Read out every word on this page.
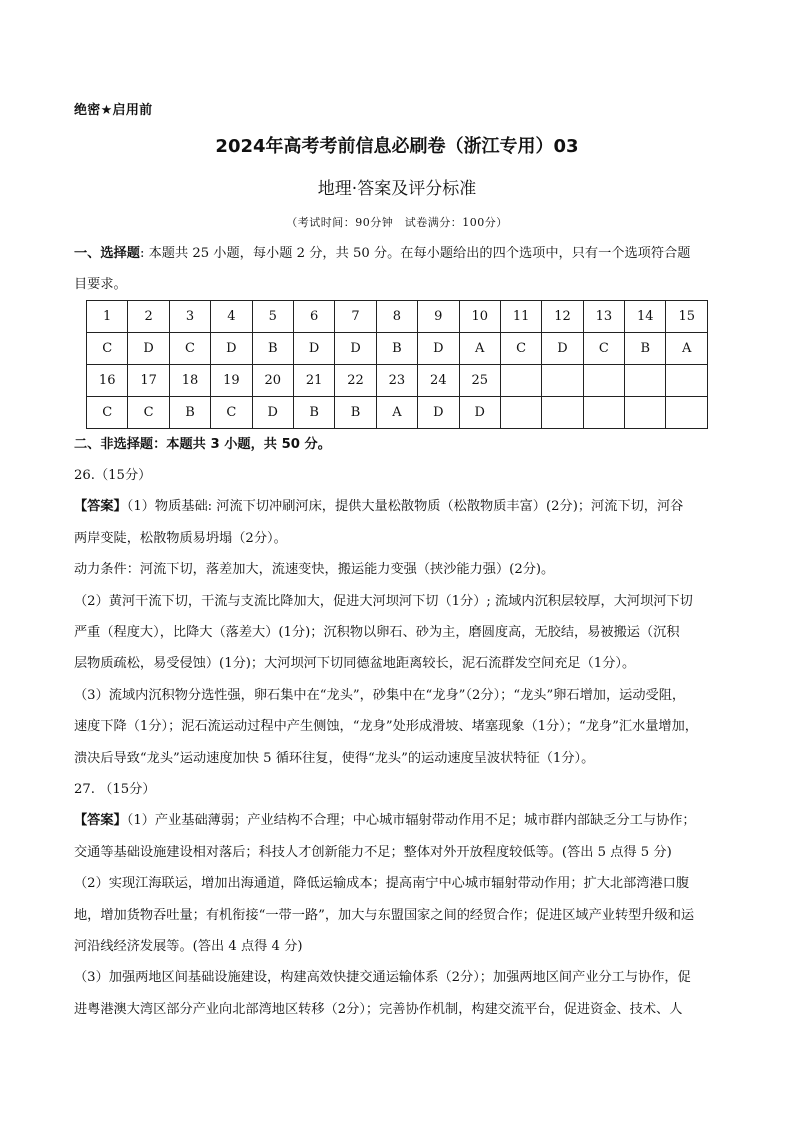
绝密★启用前
2024年高考考前信息必刷卷（浙江专用）03
地理·答案及评分标准
（考试时间：90分钟　试卷满分：100分）
一、选择题: 本题共 25 小题，每小题 2 分，共 50 分。在每小题给出的四个选项中，只有一个选项符合题
目要求。
1	2	3	4	5	6	7	8	9	10	11	12	13	14	15
C	D	C	D	B	D	D	B	D	A	C	D	C	B	A
16	17	18	19	20	21	22	23	24	25					
C	C	B	C	D	B	B	A	D	D					
二、非选择题：本题共 3 小题，共 50 分。
26.（15分）
【答案】（1）物质基础: 河流下切冲刷河床，提供大量松散物质（松散物质丰富）(2分)；河流下切，河谷
两岸变陡，松散物质易坍塌（2分）。
动力条件：河流下切，落差加大，流速变快，搬运能力变强（挟沙能力强）(2分)。
（2）黄河干流下切，干流与支流比降加大，促进大河坝河下切（1分）; 流域内沉积层较厚，大河坝河下切
严重（程度大），比降大（落差大）(1分)；沉积物以卵石、砂为主，磨圆度高，无胶结，易被搬运（沉积
层物质疏松，易受侵蚀）(1分)；大河坝河下切同德盆地距离较长，泥石流群发空间充足（1分）。
（3）流域内沉积物分选性强，卵石集中在“龙头”，砂集中在“龙身”（2分）；“龙头”卵石增加，运动受阻，
速度下降（1分）；泥石流运动过程中产生侧蚀，“龙身”处形成滑坡、堵塞现象（1分）；“龙身”汇水量增加，
溃决后导致“龙头”运动速度加快 5 循环往复，使得“龙头”的运动速度呈波状特征（1分）。
27. （15分）
【答案】（1）产业基础薄弱；产业结构不合理；中心城市辐射带动作用不足；城市群内部缺乏分工与协作；
交通等基础设施建设相对落后；科技人才创新能力不足；整体对外开放程度较低等。(答出 5 点得 5 分)
（2）实现江海联运，增加出海通道，降低运输成本；提高南宁中心城市辐射带动作用；扩大北部湾港口腹
地，增加货物吞吐量；有机衔接“一带一路”，加大与东盟国家之间的经贸合作；促进区域产业转型升级和运
河沿线经济发展等。(答出 4 点得 4 分)
（3）加强两地区间基础设施建设，构建高效快捷交通运输体系（2分）；加强两地区间产业分工与协作，促
进粤港澳大湾区部分产业向北部湾地区转移（2分）；完善协作机制，构建交流平台，促进资金、技术、人
